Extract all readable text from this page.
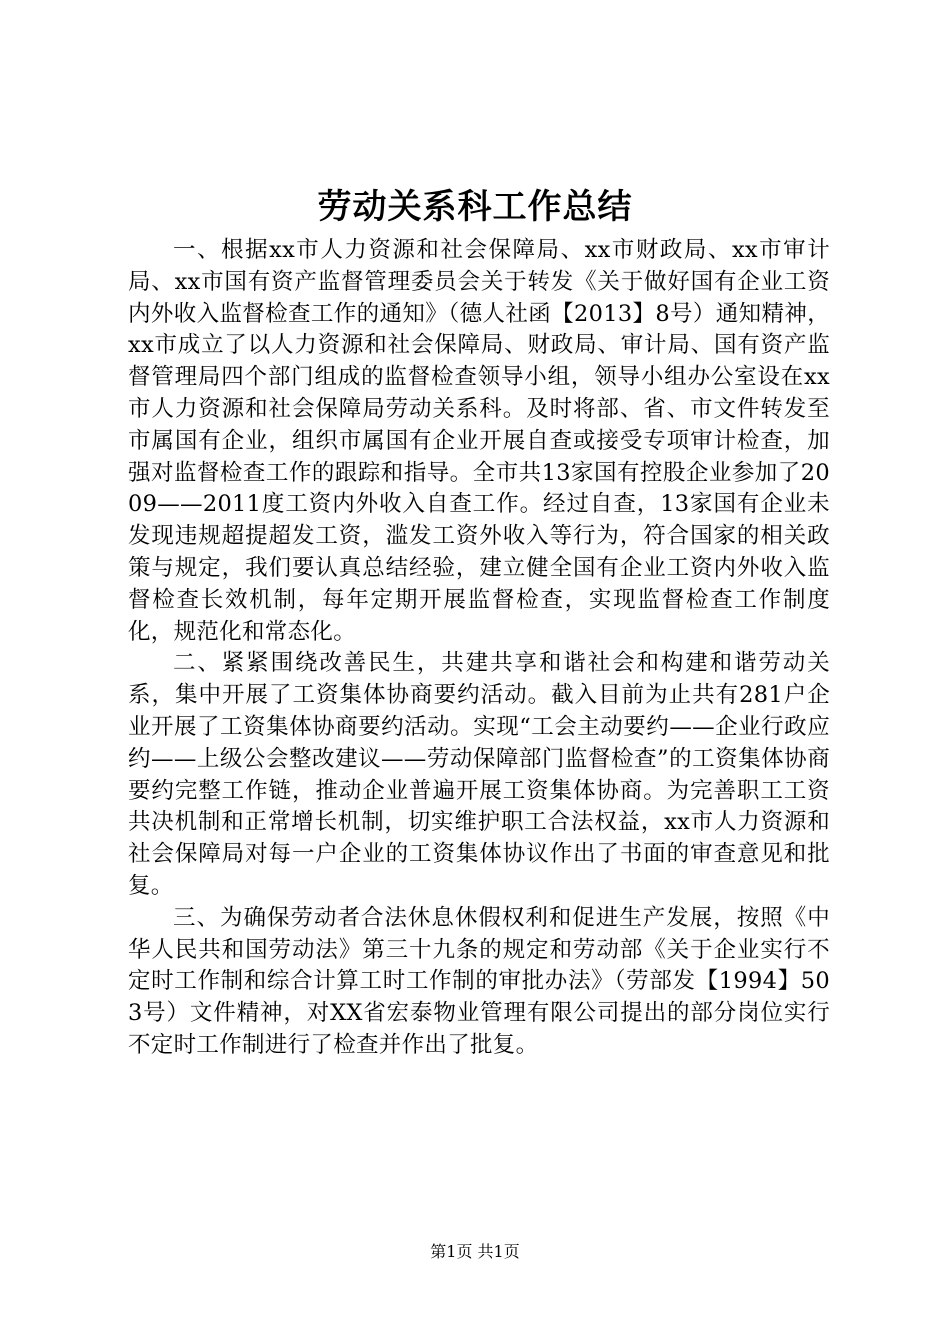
劳动关系科工作总结

一、根据xx市人力资源和社会保障局、xx市财政局、xx市审计局、xx市国有资产监督管理委员会关于转发《关于做好国有企业工资内外收入监督检查工作的通知》（德人社函【2013】8号）通知精神，xx市成立了以人力资源和社会保障局、财政局、审计局、国有资产监督管理局四个部门组成的监督检查领导小组，领导小组办公室设在xx市人力资源和社会保障局劳动关系科。及时将部、省、市文件转发至市属国有企业，组织市属国有企业开展自查或接受专项审计检查，加强对监督检查工作的跟踪和指导。全市共13家国有控股企业参加了2009——2011度工资内外收入自查工作。经过自查，13家国有企业未发现违规超提超发工资，滥发工资外收入等行为，符合国家的相关政策与规定，我们要认真总结经验，建立健全国有企业工资内外收入监督检查长效机制，每年定期开展监督检查，实现监督检查工作制度化，规范化和常态化。

二、紧紧围绕改善民生，共建共享和谐社会和构建和谐劳动关系，集中开展了工资集体协商要约活动。截入目前为止共有281户企业开展了工资集体协商要约活动。实现“工会主动要约——企业行政应约——上级公会整改建议——劳动保障部门监督检查”的工资集体协商要约完整工作链，推动企业普遍开展工资集体协商。为完善职工工资共决机制和正常增长机制，切实维护职工合法权益，xx市人力资源和社会保障局对每一户企业的工资集体协议作出了书面的审查意见和批复。

三、为确保劳动者合法休息休假权利和促进生产发展，按照《中华人民共和国劳动法》第三十九条的规定和劳动部《关于企业实行不定时工作制和综合计算工时工作制的审批办法》（劳部发【1994】503号）文件精神，对XX省宏泰物业管理有限公司提出的部分岗位实行不定时工作制进行了检查并作出了批复。

第1页 共1页
